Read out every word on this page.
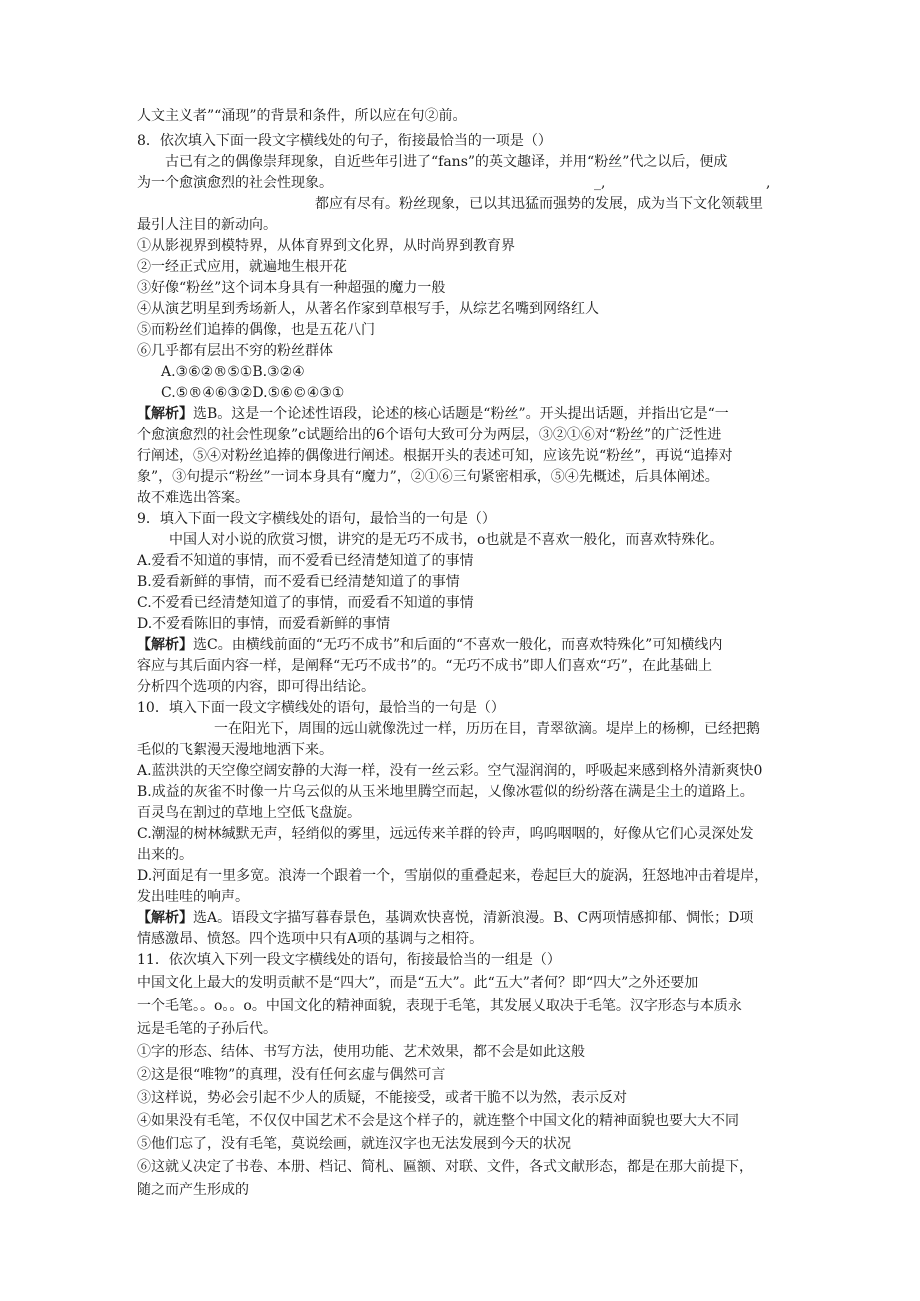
人文主义者”“涌现”的背景和条件，所以应在句②前。
8．依次填入下面一段文字横线处的句子，衔接最恰当的一项是（）
古已有之的偶像崇拜现象，自近些年引进了“fans”的英文趣译，并用“粉丝”代之以后，便成
为一个愈演愈烈的社会性现象。	_,	,
都应有尽有。粉丝现象，已以其迅猛而强势的发展，成为当下文化领载里
最引人注目的新动向。
①从影视界到模特界，从体育界到文化界，从时尚界到教育界
②一经正式应用，就遍地生根开花
③好像“粉丝”这个词本身具有一种超强的魔力一般
④从演艺明星到秀场新人，从著名作家到草根写手，从综艺名嘴到网络红人
⑤而粉丝们追捧的偶像，也是五花八门
⑥几乎都有层出不穷的粉丝群体
A.③⑥②®⑤①B.③②④
C.⑤®④⑥③②D.⑤⑥©④③①
【解析】选B。这是一个论述性语段，论述的核心话题是“粉丝”。开头提出话题，并指出它是“一
个愈演愈烈的社会性现象”c试题给出的6个语句大致可分为两层，③②①⑥对“粉丝”的广泛性进
行阐述，⑤④对粉丝追捧的偶像进行阐述。根据开头的表述可知，应该先说“粉丝”，再说“追捧对
象”，③句提示“粉丝”一词本身具有“魔力”，②①⑥三句紧密相承，⑤④先概述，后具体阐述。
故不难选出答案。
9．填入下面一段文字横线处的语句，最恰当的一句是（）
中国人对小说的欣赏习惯，讲究的是无巧不成书，o也就是不喜欢一般化，而喜欢特殊化。
A.爱看不知道的事情，而不爱看已经清楚知道了的事情
B.爱看新鲜的事情，而不爱看已经清楚知道了的事情
C.不爱看已经清楚知道了的事情，而爱看不知道的事情
D.不爱看陈旧的事情，而爱看新鲜的事情
【解析】选C。由横线前面的“无巧不成书”和后面的“不喜欢一般化，而喜欢特殊化”可知横线内
容应与其后面内容一样，是阐释“无巧不成书”的。“无巧不成书”即人们喜欢“巧”，在此基础上
分析四个选项的内容，即可得出结论。
10．填入下面一段文字横线处的语句，最恰当的一句是（）
一在阳光下，周围的远山就像洗过一样，历历在目，青翠欲滴。堤岸上的杨柳，已经把鹅
毛似的飞絮漫天漫地地洒下来。
A.蓝洪洪的天空像空阔安静的大海一样，没有一丝云彩。空气湿润润的，呼吸起来感到格外清新爽快0
B.成益的灰雀不时像一片乌云似的从玉米地里腾空而起，乂像冰雹似的纷纷落在满是尘土的道路上。
百灵鸟在割过的草地上空低飞盘旋。
C.潮湿的树林缄默无声，轻绡似的雾里，远远传来羊群的铃声，呜呜咽咽的，好像从它们心灵深处发
出来的。
D.河面足有一里多宽。浪涛一个跟着一个，雪崩似的重叠起来，卷起巨大的旋涡，狂怒地冲击着堤岸，
发出哇哇的响声。
【解析】选A。语段文字描写暮春景色，基调欢快喜悦，清新浪漫。B、C两项情感抑郁、惆怅；D项
情感激昂、愤怒。四个选项中只有A项的基调与之相符。
11．依次填入下列一段文字横线处的语句，衔接最恰当的一组是（）
中国文化上最大的发明贡献不是“四大”，而是“五大”。此“五大”者何？即“四大”之外还要加
一个毛笔。。o。。o。中国文化的精神面貌，表现于毛笔，其发展乂取决于毛笔。汉字形态与本质永
远是毛笔的子孙后代。
①字的形态、结体、书写方法，使用功能、艺术效果，都不会是如此这般
②这是很“唯物”的真理，没有任何玄虚与偶然可言
③这样说，势必会引起不少人的质疑，不能接受，或者干脆不以为然，表示反对
④如果没有毛笔，不仅仅中国艺术不会是这个样子的，就连整个中国文化的精神面貌也要大大不同
⑤他们忘了，没有毛笔，莫说绘画，就连汉字也无法发展到今天的状况
⑥这就乂决定了书卷、本册、档记、简札、匾额、对联、文件，各式文献形态，都是在那大前提下，
随之而产生形成的
